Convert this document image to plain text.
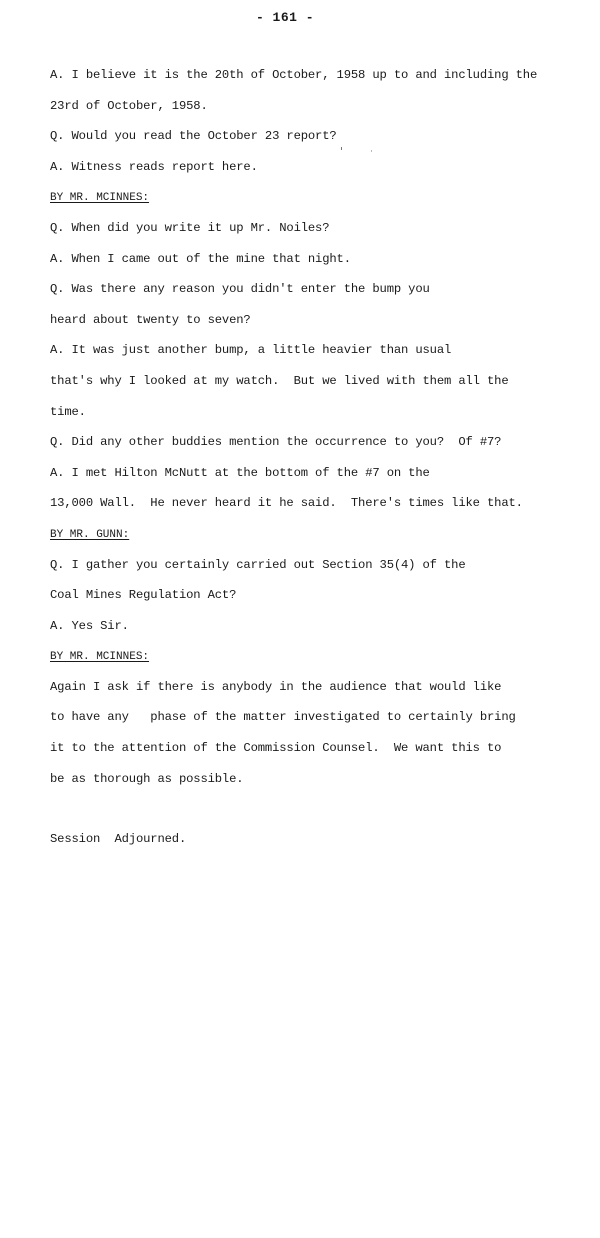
- 161 -
A. I believe it is the 20th of October, 1958 up to and including the
23rd of October, 1958.
Q. Would you read the October 23 report?
A. Witness reads report here.
BY MR. MCINNES:
Q. When did you write it up Mr. Noiles?
A. When I came out of the mine that night.
Q. Was there any reason you didn't enter the bump you
heard about twenty to seven?
A. It was just another bump, a little heavier than usual
that's why I looked at my watch.  But we lived with them all the
time.
Q. Did any other buddies mention the occurrence to you?  Of #7?
A. I met Hilton McNutt at the bottom of the #7 on the
13,000 Wall.  He never heard it he said.  There's times like that.
BY MR. GUNN:
Q. I gather you certainly carried out Section 35(4) of the
Coal Mines Regulation Act?
A. Yes Sir.
BY MR. MCINNES:
Again I ask if there is anybody in the audience that would like
to have any   phase of the matter investigated to certainly bring
it to the attention of the Commission Counsel.  We want this to
be as thorough as possible.
Session  Adjourned.
